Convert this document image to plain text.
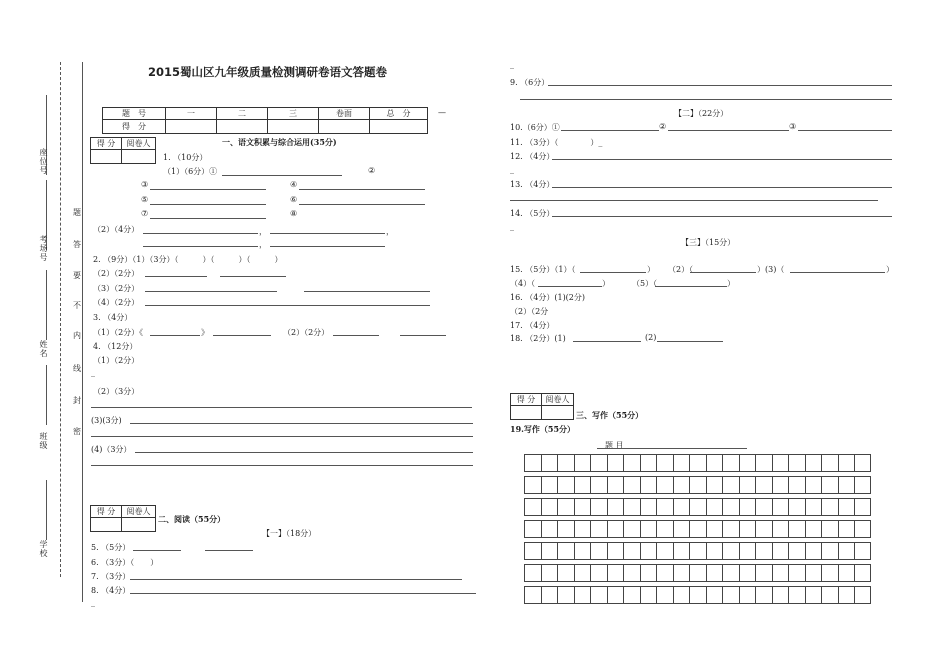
座位号
考场号
姓名
班级
学校
题
答
要
不
内
线
封
密
2015蜀山区九年级质量检测调研卷语文答题卷
题　号	一	二	三	卷面	总　分
得　分					
—
得 分	阅卷人
		一、语文积累与综合运用(35分)
1. （10分）
（1）（6分）①	②
③	④
⑤	⑥
⑦	⑧
（2）（4分）	，	，
，
2. （9分）（1）（3分）（　　　）（　　　）（　　　）
（2）（2分）
（3）（2分）
（4）（2分）
3. （4分）
（1）（2分）《	》	（2）（2分）
4. （12分）
（1）（2分）
_
（2）（3分）
(3)(3分)
(4)（3分）
得 分	阅卷人

二、阅读（55分）
【一】（18分）
5. （5分）
6. （3分）（　　）
7. （3分）
8. （4分）
_
_
9. （6分）
【二】（22分）
10.（6分）①	②	③
11. （3分）（　　　　）_
12. （4分）
_
13. （4分）
14. （5分）
_
【三】（15分）
15. （5分）（1）（	） （2）（	）(3)（	）
（4）（	）	（5）（	）
16. （4分）(1)(2分)
（2）（2分
17. （4分）
18. （2分）(1)	(2)
得 分	阅卷人

三、写作（55分）
19.写作（55分）
题 目
